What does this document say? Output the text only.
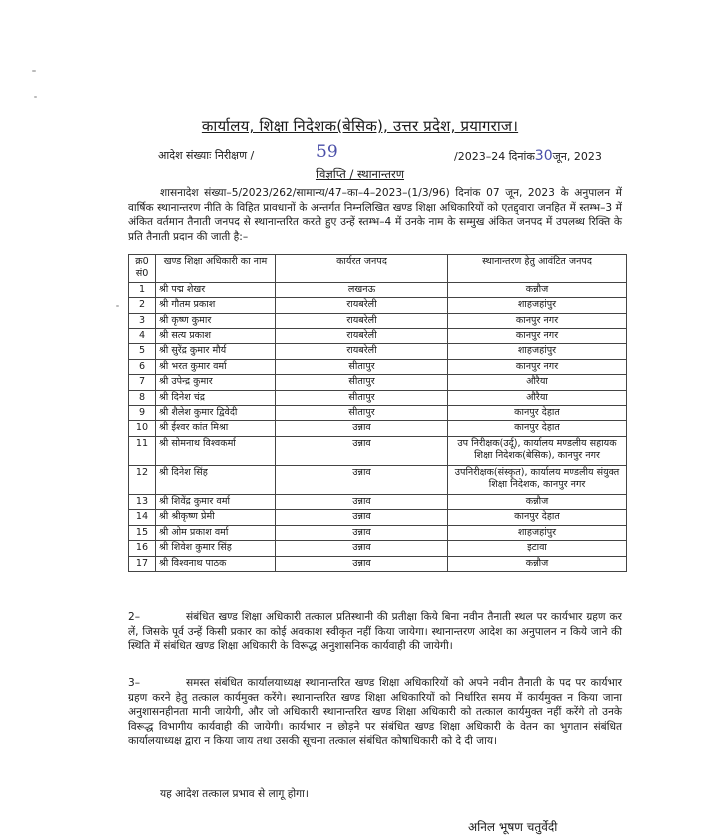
कार्यालय, शिक्षा निदेशक(बेसिक), उत्तर प्रदेश, प्रयागराज।
आदेश संख्याः निरीक्षण /	59	/2023–24 दिनांक30जून, 2023
विज्ञप्ति / स्थानान्तरण
शासनादेश संख्या–5/2023/262/सामान्य/47–का–4–2023–(1/3/96) दिनांक 07 जून, 2023 के अनुपालन में वार्षिक स्थानान्तरण नीति के विहित प्रावधानों के अन्तर्गत निम्नलिखित खण्ड शिक्षा अधिकारियों को एतद्द्वारा जनहित में स्तम्भ–3 में अंकित वर्तमान तैनाती जनपद से स्थानान्तरित करते हुए उन्हें स्तम्भ–4 में उनके नाम के सम्मुख अंकित जनपद में उपलब्ध रिक्ति के प्रति तैनाती प्रदान की जाती है:–
क्र0 सं0	खण्ड शिक्षा अधिकारी का नाम	कार्यरत जनपद	स्थानान्तरण हेतु आवंटित जनपद
1	श्री पद्म शेखर	लखनऊ	कन्नौज
2	श्री गौतम प्रकाश	रायबरेली	शाहजहांपुर
3	श्री कृष्ण कुमार	रायबरेली	कानपुर नगर
4	श्री सत्य प्रकाश	रायबरेली	कानपुर नगर
5	श्री सुरेंद्र कुमार मौर्य	रायबरेली	शाहजहांपुर
6	श्री भरत कुमार वर्मा	सीतापुर	कानपुर नगर
7	श्री उपेन्द्र कुमार	सीतापुर	औरैया
8	श्री दिनेश चंद्र	सीतापुर	औरैया
9	श्री शैलेश कुमार द्विवेदी	सीतापुर	कानपुर देहात
10	श्री ईश्वर कांत मिश्रा	उन्नाव	कानपुर देहात
11	श्री सोमनाथ विश्वकर्मा	उन्नाव	उप निरीक्षक(उर्दू), कार्यालय मण्डलीय सहायक शिक्षा निदेशक(बेसिक), कानपुर नगर
12	श्री दिनेश सिंह	उन्नाव	उपनिरीक्षक(संस्कृत), कार्यालय मण्डलीय संयुक्त शिक्षा निदेशक, कानपुर नगर
13	श्री शिवेंद्र कुमार वर्मा	उन्नाव	कन्नौज
14	श्री श्रीकृष्ण प्रेमी	उन्नाव	कानपुर देहात
15	श्री ओम प्रकाश वर्मा	उन्नाव	शाहजहांपुर
16	श्री शिवेश कुमार सिंह	उन्नाव	इटावा
17	श्री विश्वनाथ पाठक	उन्नाव	कन्नौज
2–	संबंधित खण्ड शिक्षा अधिकारी तत्काल प्रतिस्थानी की प्रतीक्षा किये बिना नवीन तैनाती स्थल पर कार्यभार ग्रहण कर लें, जिसके पूर्व उन्हें किसी प्रकार का कोई अवकाश स्वीकृत नहीं किया जायेगा। स्थानान्तरण आदेश का अनुपालन न किये जाने की स्थिति में संबंधित खण्ड शिक्षा अधिकारी के विरूद्ध अनुशासनिक कार्यवाही की जायेगी।
3–	समस्त संबंधित कार्यालयाध्यक्ष स्थानान्तरित खण्ड शिक्षा अधिकारियों को अपने नवीन तैनाती के पद पर कार्यभार ग्रहण करने हेतु तत्काल कार्यमुक्त करेंगे। स्थानान्तरित खण्ड शिक्षा अधिकारियों को निर्धारित समय में कार्यमुक्त न किया जाना अनुशासनहीनता मानी जायेगी, और जो अधिकारी स्थानान्तरित खण्ड शिक्षा अधिकारी को तत्काल कार्यमुक्त नहीं करेंगे तो उनके विरूद्ध विभागीय कार्यवाही की जायेगी। कार्यभार न छोड़ने पर संबंधित खण्ड शिक्षा अधिकारी के वेतन का भुगतान संबंधित कार्यालयाध्यक्ष द्वारा न किया जाय तथा उसकी सूचना तत्काल संबंधित कोषाधिकारी को दे दी जाय।
यह आदेश तत्काल प्रभाव से लागू होगा।
अनिल भूषण चतुर्वेदी
